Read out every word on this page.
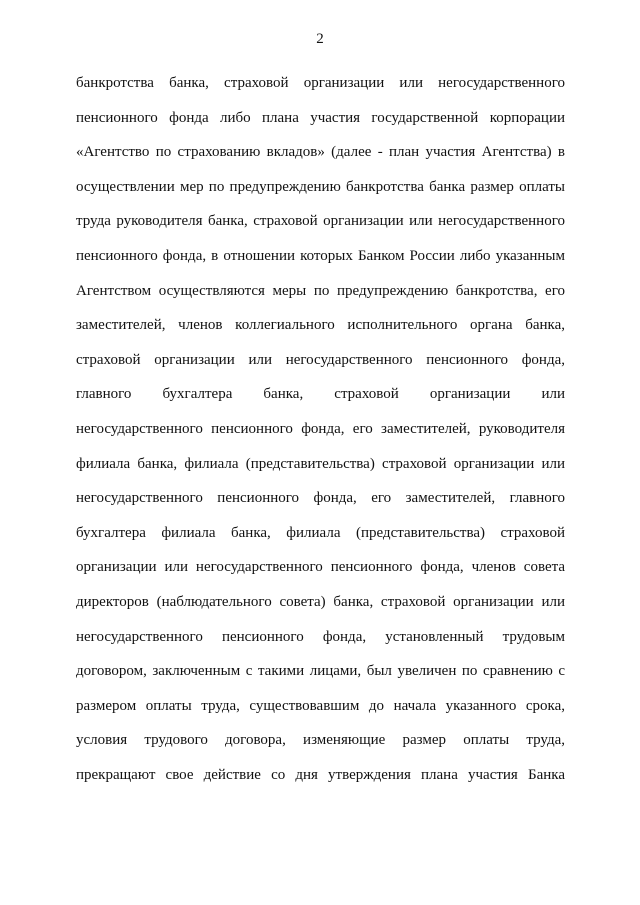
2
банкротства банка, страховой организации или негосударственного
пенсионного фонда либо плана участия государственной корпорации
«Агентство по страхованию вкладов» (далее - план участия Агентства) в
осуществлении мер по предупреждению банкротства банка размер оплаты
труда руководителя банка, страховой организации или негосударственного
пенсионного фонда, в отношении которых Банком России либо указанным
Агентством осуществляются меры по предупреждению банкротства, его
заместителей, членов коллегиального исполнительного органа банка,
страховой организации или негосударственного пенсионного фонда,
главного бухгалтера банка, страховой организации или
негосударственного пенсионного фонда, его заместителей, руководителя
филиала банка, филиала (представительства) страховой организации или
негосударственного пенсионного фонда, его заместителей, главного
бухгалтера филиала банка, филиала (представительства) страховой
организации или негосударственного пенсионного фонда, членов совета
директоров (наблюдательного совета) банка, страховой организации или
негосударственного пенсионного фонда, установленный трудовым
договором, заключенным с такими лицами, был увеличен по сравнению с
размером оплаты труда, существовавшим до начала указанного срока,
условия трудового договора, изменяющие размер оплаты труда,
прекращают свое действие со дня утверждения плана участия Банка
